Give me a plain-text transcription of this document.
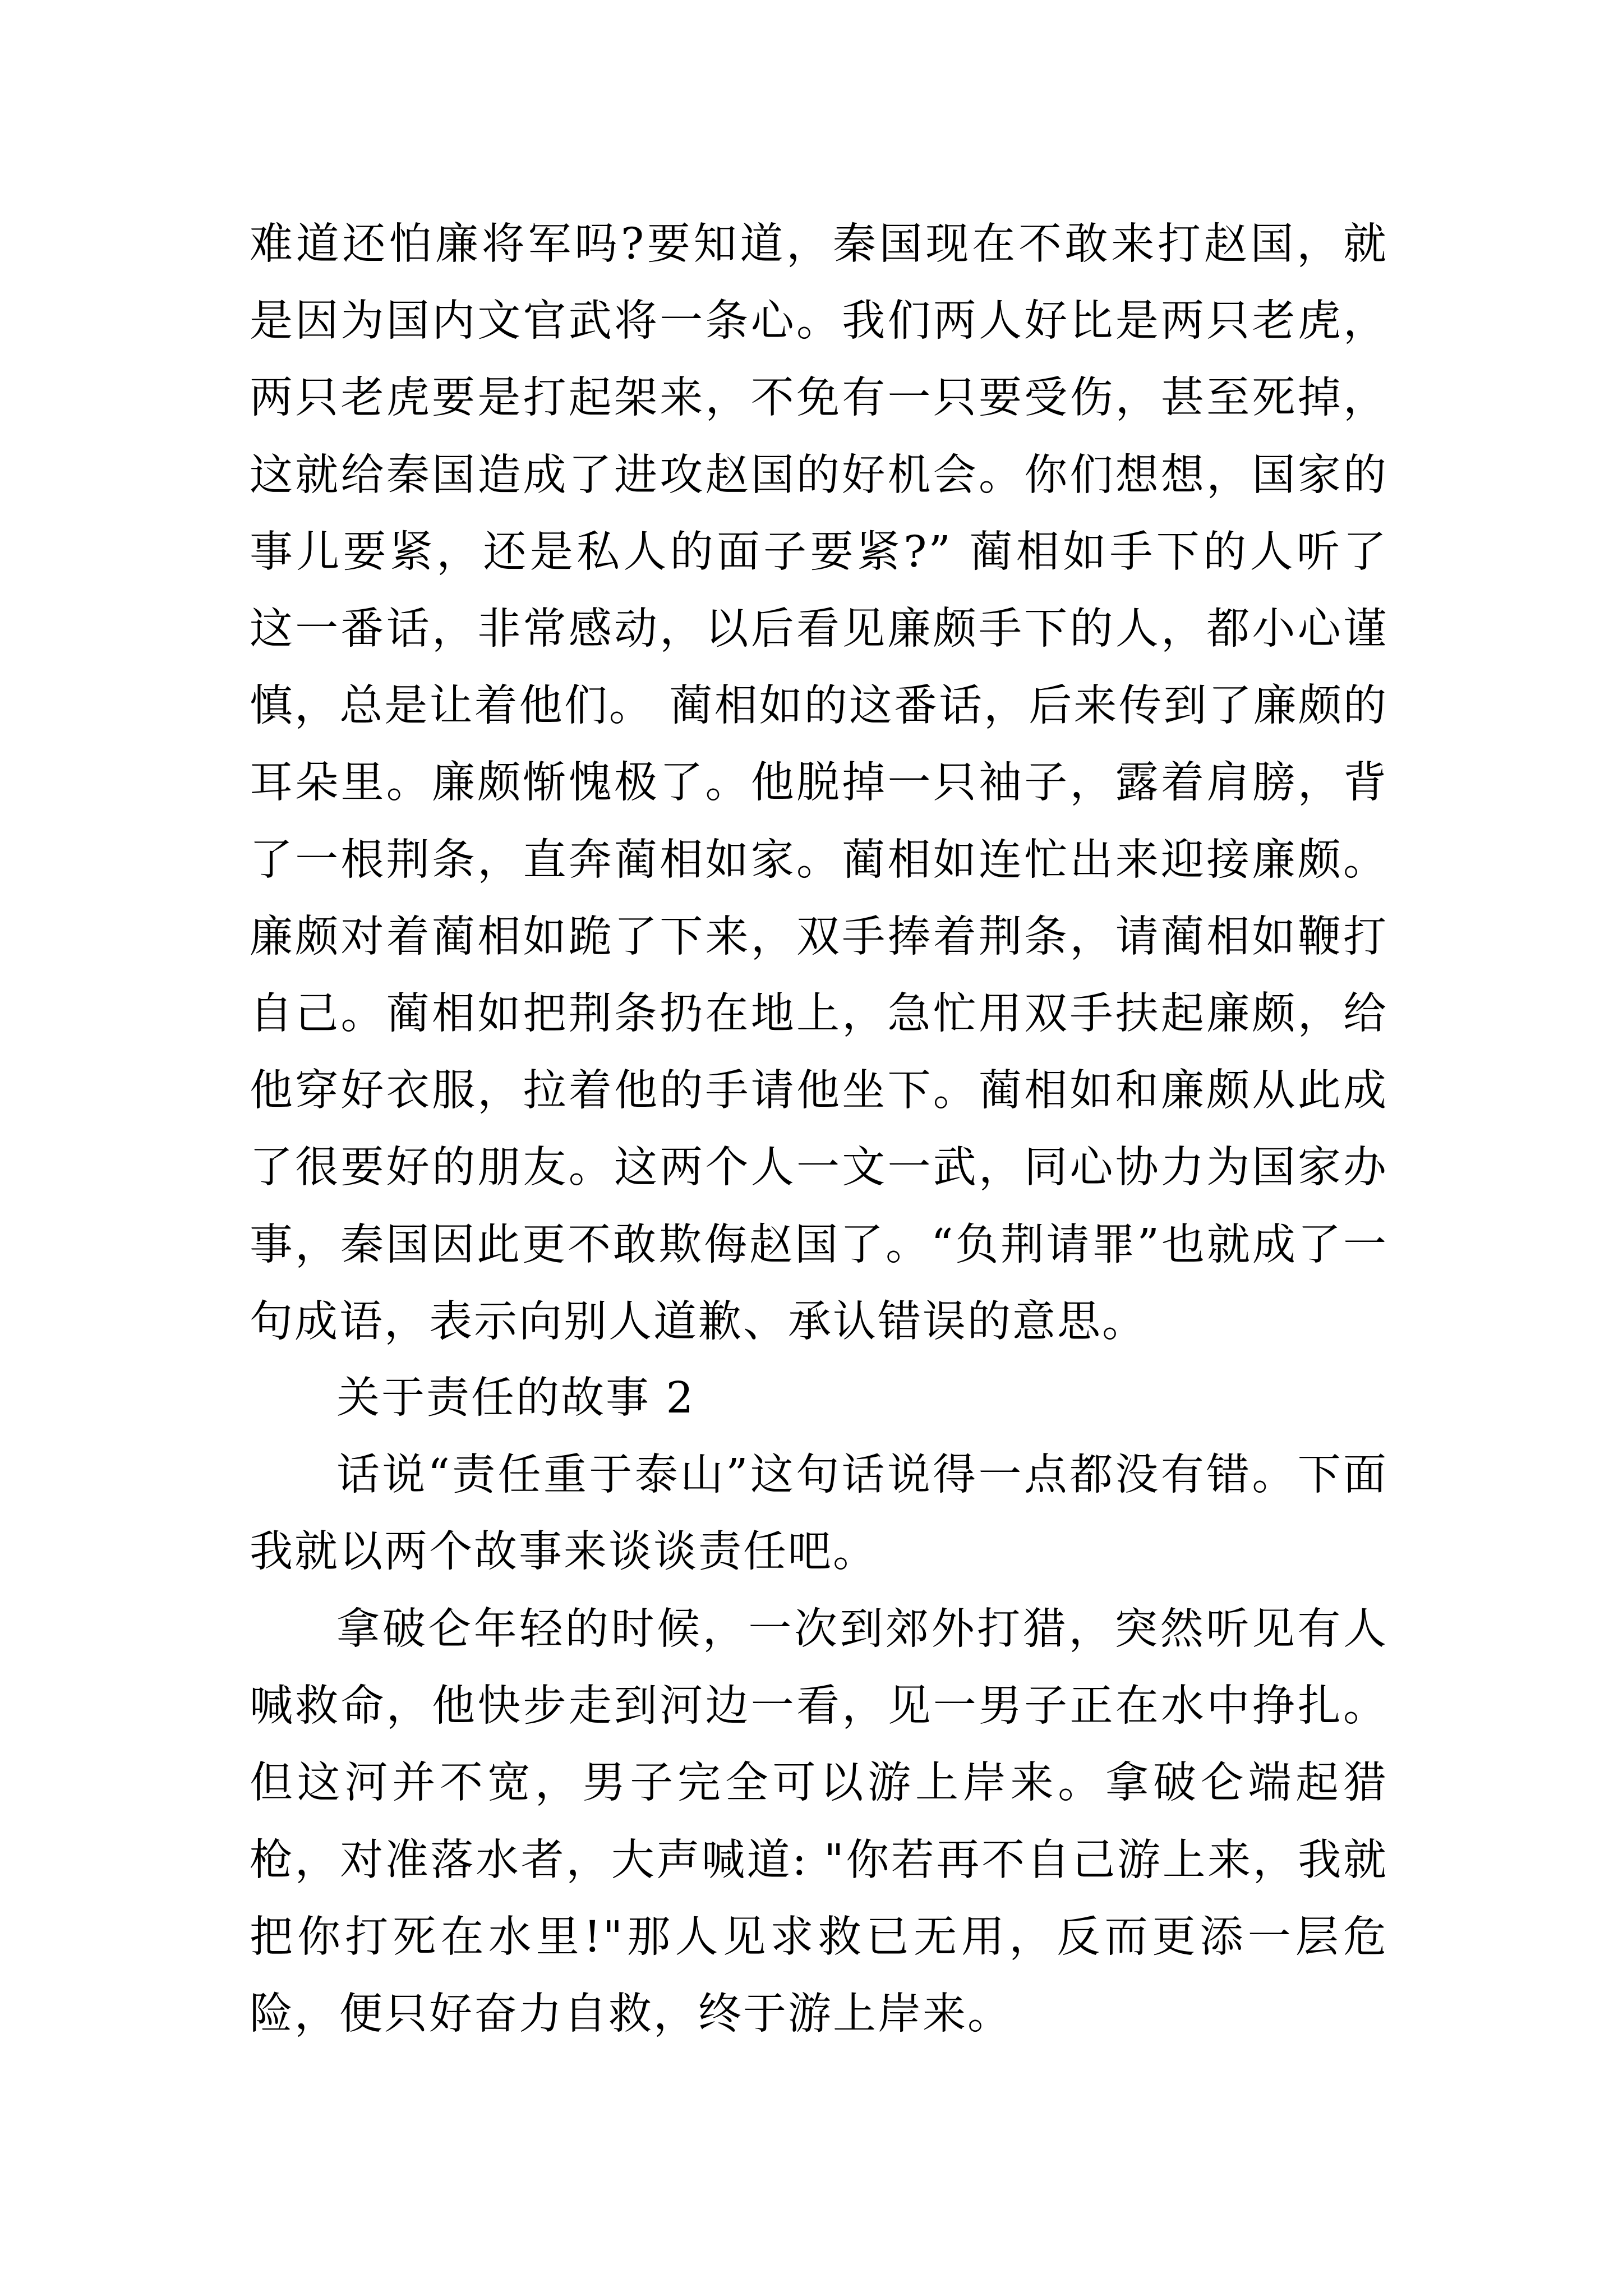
难道还怕廉将军吗?要知道，秦国现在不敢来打赵国，就是因为国内文官武将一条心。我们两人好比是两只老虎，两只老虎要是打起架来，不免有一只要受伤，甚至死掉，这就给秦国造成了进攻赵国的好机会。你们想想，国家的事儿要紧，还是私人的面子要紧?” 蔺相如手下的人听了这一番话，非常感动，以后看见廉颇手下的人，都小心谨慎，总是让着他们。 蔺相如的这番话，后来传到了廉颇的耳朵里。廉颇惭愧极了。他脱掉一只袖子，露着肩膀，背了一根荆条，直奔蔺相如家。蔺相如连忙出来迎接廉颇。廉颇对着蔺相如跪了下来，双手捧着荆条，请蔺相如鞭打自己。蔺相如把荆条扔在地上，急忙用双手扶起廉颇，给他穿好衣服，拉着他的手请他坐下。蔺相如和廉颇从此成了很要好的朋友。这两个人一文一武，同心协力为国家办事，秦国因此更不敢欺侮赵国了。“负荆请罪”也就成了一句成语，表示向别人道歉、承认错误的意思。

关于责任的故事 2

话说“责任重于泰山”这句话说得一点都没有错。下面我就以两个故事来谈谈责任吧。

拿破仑年轻的时候，一次到郊外打猎，突然听见有人喊救命，他快步走到河边一看，见一男子正在水中挣扎。但这河并不宽，男子完全可以游上岸来。拿破仑端起猎枪，对准落水者，大声喊道: "你若再不自己游上来，我就把你打死在水里!"那人见求救已无用，反而更添一层危险，便只好奋力自救，终于游上岸来。
